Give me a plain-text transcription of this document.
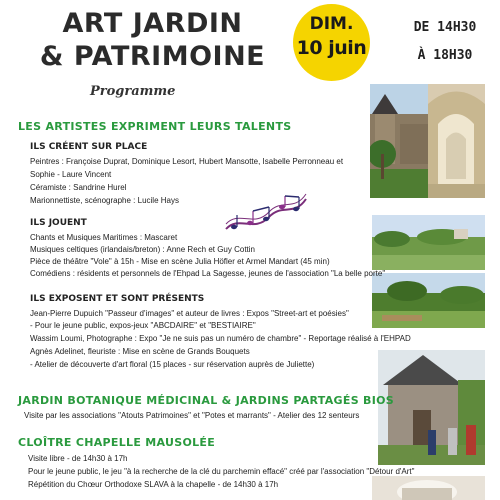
ART JARDIN
& PATRIMOINE
Programme
DIM.
10 juin
DE 14H30
À 18H30
LES ARTISTES EXPRIMENT LEURS TALENTS
ILS CRÉENT SUR PLACE
Peintres : Françoise Duprat, Dominique Lesort, Hubert Mansotte, Isabelle Perronneau et
Sophie - Laure Vincent
Céramiste : Sandrine Hurel
Marionnettiste, scénographe : Lucile Hays
ILS JOUENT
Chants et Musiques Maritimes : Mascaret
Musiques celtiques (irlandais/breton) : Anne Rech et Guy Cottin
Pièce de théâtre "Vole" à 15h - Mise en scène Julia Höfler et Armel Mandart (45 min)
Comédiens : résidents et personnels de l'Ehpad La Sagesse, jeunes de l'association "La belle porte"
ILS EXPOSENT ET SONT PRÉSENTS
Jean-Pierre Dupuich "Passeur d'images" et auteur de livres : Expos "Street-art et poésies"
- Pour le jeune public, expos-jeux "ABCDAIRE" et "BESTIAIRE"
Wassim Loumi, Photographe : Expo "Je ne suis pas un numéro de chambre" - Reportage réalisé à l'EHPAD
Agnès Adelinet, fleuriste : Mise en scène de Grands Bouquets
- Atelier de découverte d'art floral (15 places - sur réservation auprès de Juliette)
JARDIN BOTANIQUE MÉDICINAL & JARDINS PARTAGÉS BIOS
Visite par les associations "Atouts Patrimoines" et "Potes et marrants" - Atelier des 12 senteurs
CLOÎTRE CHAPELLE MAUSOLÉE
Visite libre - de 14h30 à 17h
Pour le jeune public, le jeu "à la recherche de la clé du parchemin effacé" créé par l'association "Détour d'Art"
Répétition du Chœur Orthodoxe SLAVA à la chapelle - de 14h30 à 17h
